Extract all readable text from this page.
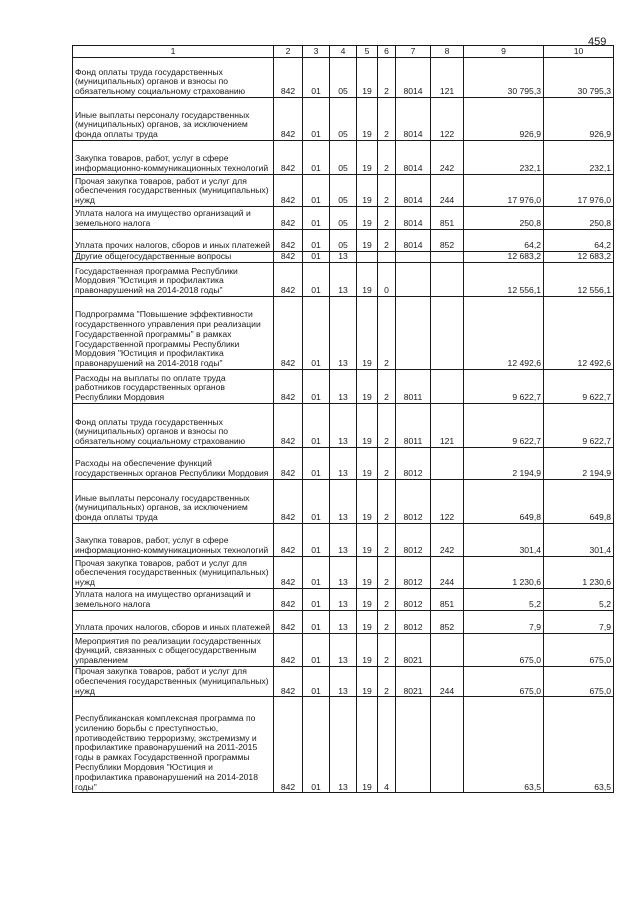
459
1	2	3	4	5	6	7	8	9	10
Фонд оплаты труда государственных (муниципальных) органов и взносы по обязательному социальному страхованию	842	01	05	19	2	8014	121	30 795,3	30 795,3
Иные выплаты персоналу государственных (муниципальных) органов, за исключением фонда оплаты труда	842	01	05	19	2	8014	122	926,9	926,9
Закупка товаров, работ, услуг в сфере информационно-коммуникационных технологий	842	01	05	19	2	8014	242	232,1	232,1
Прочая закупка товаров, работ и услуг для обеспечения государственных (муниципальных) нужд	842	01	05	19	2	8014	244	17 976,0	17 976,0
Уплата налога на имущество организаций и земельного налога	842	01	05	19	2	8014	851	250,8	250,8
Уплата прочих налогов, сборов и иных платежей	842	01	05	19	2	8014	852	64,2	64,2
Другие общегосударственные вопросы	842	01	13					12 683,2	12 683,2
Государственная программа Республики Мордовия "Юстиция и профилактика правонарушений на 2014-2018 годы"	842	01	13	19	0			12 556,1	12 556,1
Подпрограмма "Повышение эффективности государственного управления при реализации Государственной программы" в рамках Государственной программы Республики Мордовия "Юстиция и профилактика правонарушений на 2014-2018 годы"	842	01	13	19	2			12 492,6	12 492,6
Расходы на выплаты по оплате труда работников государственных органов Республики Мордовия	842	01	13	19	2	8011		9 622,7	9 622,7
Фонд оплаты труда государственных (муниципальных) органов и взносы по обязательному социальному страхованию	842	01	13	19	2	8011	121	9 622,7	9 622,7
Расходы на обеспечение функций государственных органов Республики Мордовия	842	01	13	19	2	8012		2 194,9	2 194,9
Иные выплаты персоналу государственных (муниципальных) органов, за исключением фонда оплаты труда	842	01	13	19	2	8012	122	649,8	649,8
Закупка товаров, работ, услуг в сфере информационно-коммуникационных технологий	842	01	13	19	2	8012	242	301,4	301,4
Прочая закупка товаров, работ и услуг для обеспечения государственных (муниципальных) нужд	842	01	13	19	2	8012	244	1 230,6	1 230,6
Уплата налога на имущество организаций и земельного налога	842	01	13	19	2	8012	851	5,2	5,2
Уплата прочих налогов, сборов и иных платежей	842	01	13	19	2	8012	852	7,9	7,9
Мероприятия по реализации государственных функций, связанных с общегосударственным управлением	842	01	13	19	2	8021		675,0	675,0
Прочая закупка товаров, работ и услуг для обеспечения государственных (муниципальных) нужд	842	01	13	19	2	8021	244	675,0	675,0
Республиканская комплексная программа по усилению борьбы с преступностью, противодействию терроризму, экстремизму и профилактике правонарушений на 2011-2015 годы в рамках Государственной программы Республики Мордовия "Юстиция и профилактика правонарушений на 2014-2018 годы"	842	01	13	19	4			63,5	63,5
